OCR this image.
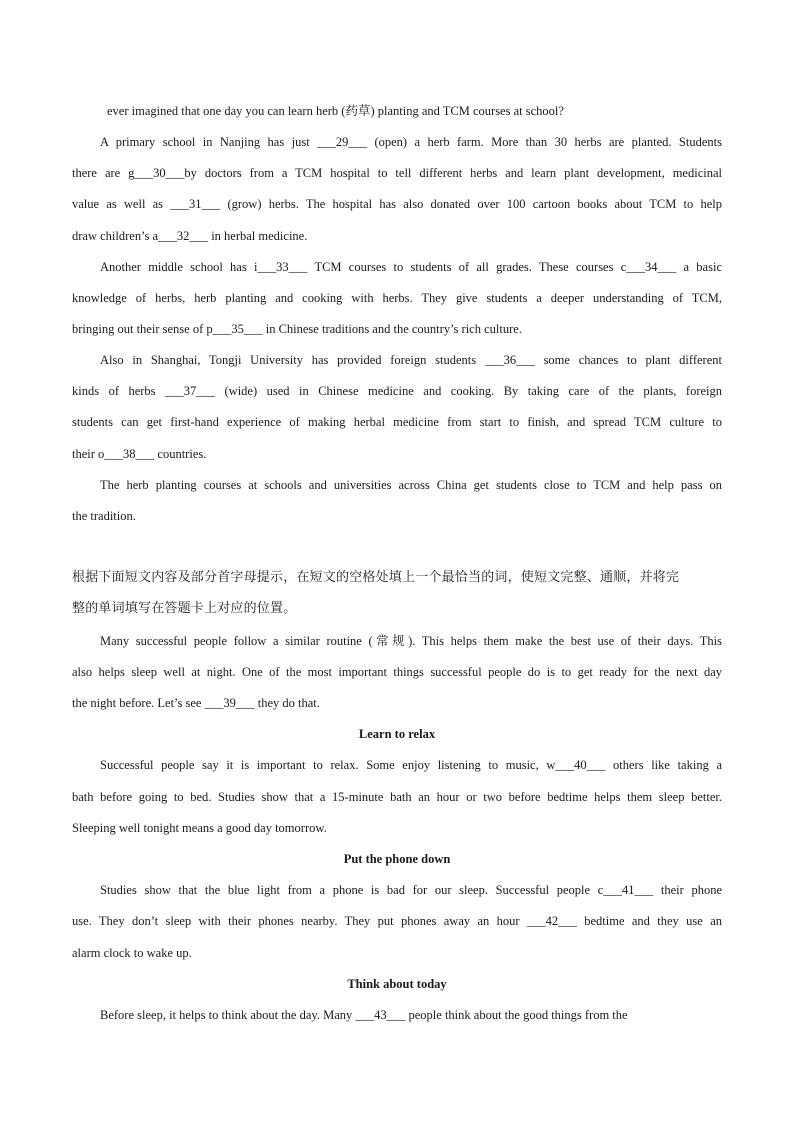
ever imagined that one day you can learn herb (药草) planting and TCM courses at school?
A primary school in Nanjing has just ___29___ (open) a herb farm. More than 30 herbs are planted. Students
there are g___30___by doctors from a TCM hospital to tell different herbs and learn plant development, medicinal
value as well as ___31___ (grow) herbs. The hospital has also donated over 100 cartoon books about TCM to help
draw children’s a___32___ in herbal medicine.
Another middle school has i___33___ TCM courses to students of all grades. These courses c___34___ a basic
knowledge of herbs, herb planting and cooking with herbs. They give students a deeper understanding of TCM,
bringing out their sense of p___35___ in Chinese traditions and the country’s rich culture.
Also in Shanghai, Tongji University has provided foreign students ___36___ some chances to plant different
kinds of herbs ___37___ (wide) used in Chinese medicine and cooking. By taking care of the plants, foreign
students can get first-hand experience of making herbal medicine from start to finish, and spread TCM culture to
their o___38___ countries.
The herb planting courses at schools and universities across China get students close to TCM and help pass on
the tradition.
根据下面短文内容及部分首字母提示，在短文的空格处填上一个最恰当的词，使短文完整、通顺，并将完
整的单词填写在答题卡上对应的位置。
Many successful people follow a similar routine (常规). This helps them make the best use of their days. This
also helps sleep well at night. One of the most important things successful people do is to get ready for the next day
the night before. Let’s see ___39___ they do that.
Learn to relax
Successful people say it is important to relax. Some enjoy listening to music, w___40___ others like taking a
bath before going to bed. Studies show that a 15-minute bath an hour or two before bedtime helps them sleep better.
Sleeping well tonight means a good day tomorrow.
Put the phone down
Studies show that the blue light from a phone is bad for our sleep. Successful people c___41___ their phone
use. They don’t sleep with their phones nearby. They put phones away an hour ___42___ bedtime and they use an
alarm clock to wake up.
Think about today
Before sleep, it helps to think about the day. Many ___43___ people think about the good things from the
